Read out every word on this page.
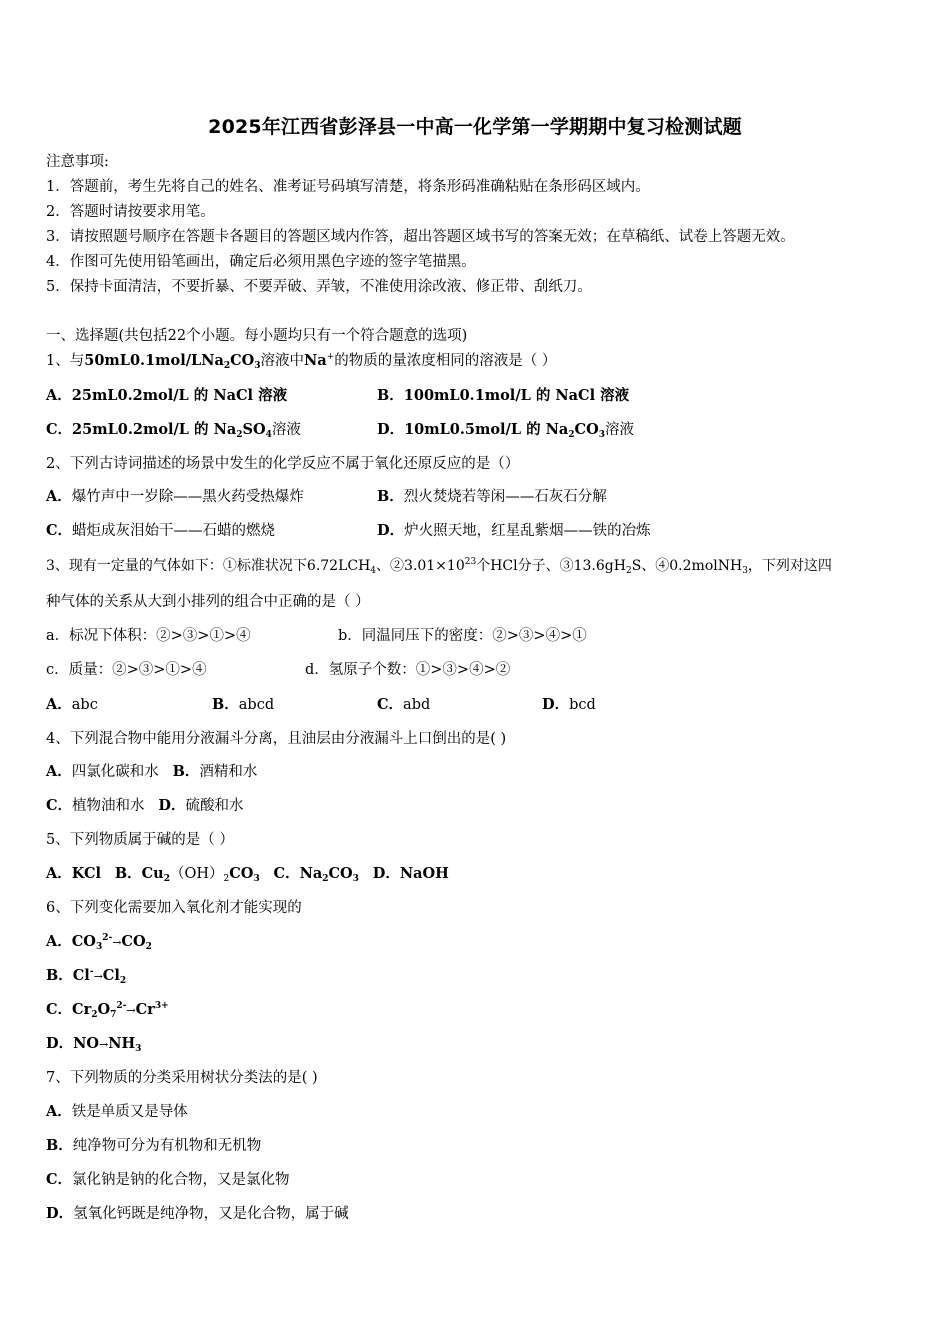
2025年江西省彭泽县一中高一化学第一学期期中复习检测试题
注意事项:
1．答题前，考生先将自己的姓名、准考证号码填写清楚，将条形码准确粘贴在条形码区域内。
2．答题时请按要求用笔。
3．请按照题号顺序在答题卡各题目的答题区域内作答，超出答题区域书写的答案无效；在草稿纸、试卷上答题无效。
4．作图可先使用铅笔画出，确定后必须用黑色字迹的签字笔描黑。
5．保持卡面清洁，不要折暴、不要弄破、弄皱，不准使用涂改液、修正带、刮纸刀。
一、选择题(共包括22个小题。每小题均只有一个符合题意的选项)
1、与$50mL0.1mol/LNa_2CO_3$溶液中Na+的物质的量浓度相同的溶液是（ ）
A．25mL0.2mol/L 的 NaCl 溶液	B．100mL0.1mol/L 的 NaCl 溶液
C．25mL0.2mol/L 的 $Na_2SO_4$溶液	D．10mL0.5mol/L 的 $Na_2CO_3$溶液
2、下列古诗词描述的场景中发生的化学反应不属于氧化还原反应的是（）
A．爆竹声中一岁除——黑火药受热爆炸	B．烈火焚烧若等闲——石灰石分解
C．蜡炬成灰泪始干——石蜡的燃烧	D．炉火照天地，红星乱紫烟——铁的冶炼
3、现有一定量的气体如下：①标准状况下$6.72LCH_4$、$②3.01\times 10^{23}$个HCl分子、$③13.6gH_2S$、④0.2molNH$_3$，下列对这四
种气体的关系从大到小排列的组合中正确的是（ ）
a．标况下体积：②>③>①>④	b．同温同压下的密度：②>③>④>①
c．质量：②>③>①>④	d．氢原子个数：①>③>④>②
A．abc	B．abcd	C．abd	D．bcd
4、下列混合物中能用分液漏斗分离，且油层由分液漏斗上口倒出的是( )
A．四氯化碳和水 B．酒精和水
C．植物油和水 D．硫酸和水
5、下列物质属于碱的是（ ）
A．KCl B．$Cu_2(OH)_2CO_3$ C．$Na_2CO_3$ D．NaOH
6、下列变化需要加入氧化剂才能实现的
A．$CO_3^{2-}\to CO_2$
B．$Cl^-\to Cl_2$
C．$Cr_2O_7^{2-}\to Cr^{3+}$
D．$NO\to NH_3$
7、下列物质的分类采用树状分类法的是( )
A．铁是单质又是导体
B．纯净物可分为有机物和无机物
C．氯化钠是钠的化合物，又是氯化物
D．氢氧化钙既是纯净物，又是化合物，属于碱
